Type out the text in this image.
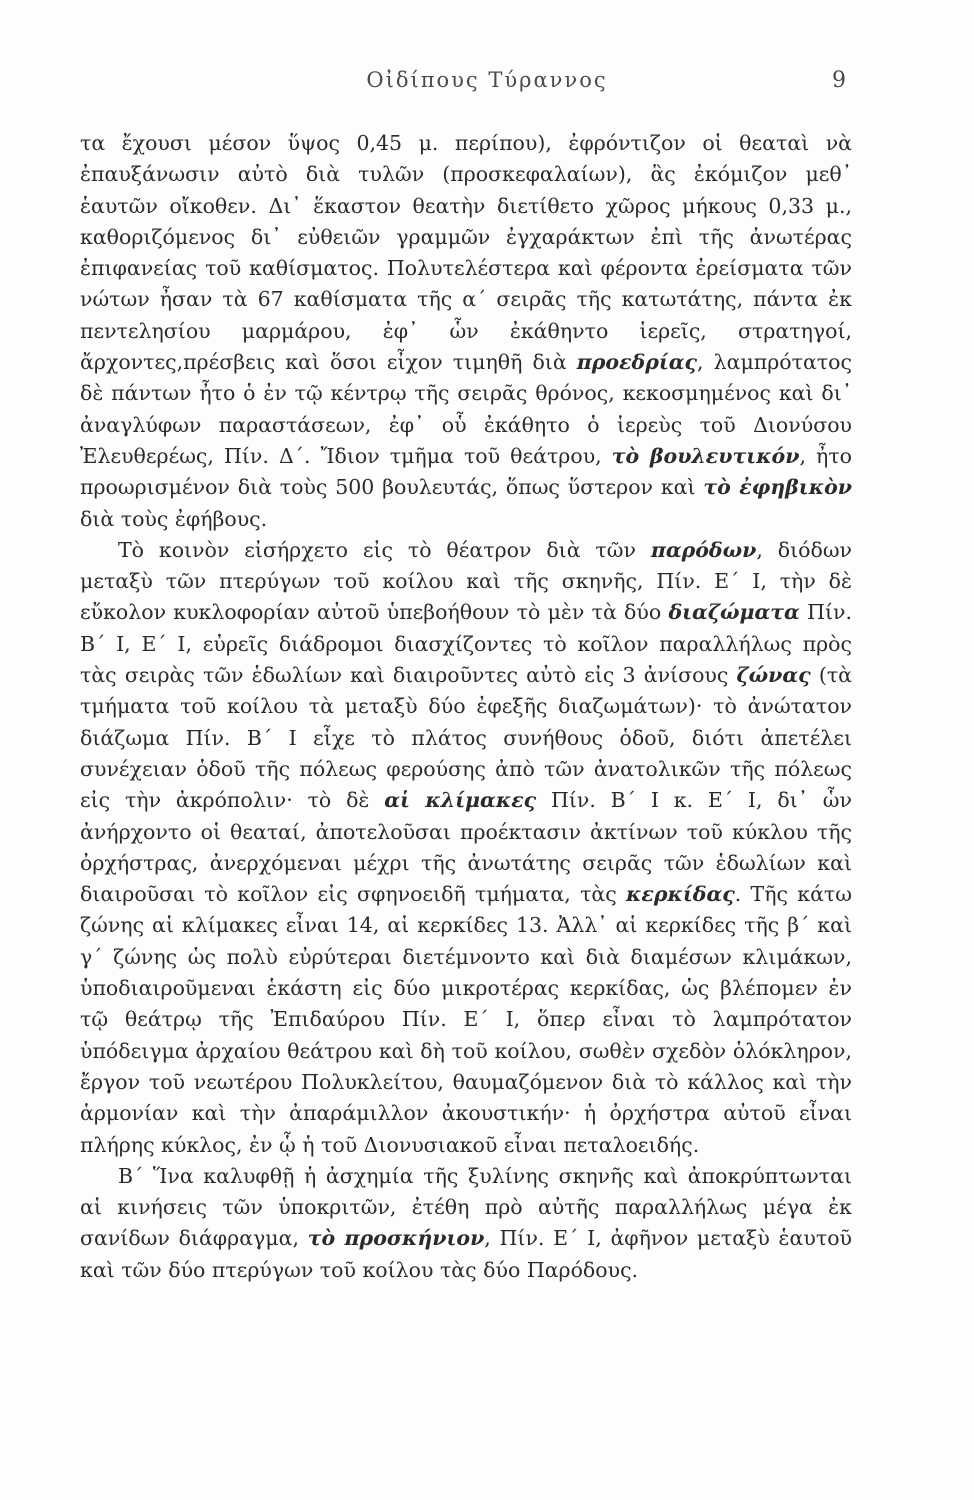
Οἰδίπους Τύραννος	9

τα ἔχουσι μέσον ὕψος 0,45 μ. περίπου), ἐφρόντιζον οἱ θεαταὶ νὰ ἐπαυξάνωσιν αὐτὸ διὰ τυλῶν (προσκεφαλαίων), ἃς ἐκόμιζον μεθ᾽ ἑαυτῶν οἴκοθεν. Δι᾽ ἕκαστον θεατὴν διετίθετο χῶρος μήκους 0,33 μ., καθοριζόμενος δι᾽ εὐθειῶν γραμμῶν ἐγχαράκτων ἐπὶ τῆς ἀνωτέρας ἐπιφανείας τοῦ καθίσματος. Πολυτελέστερα καὶ φέροντα ἐρείσματα τῶν νώτων ἦσαν τὰ 67 καθίσματα τῆς α΄ σειρᾶς τῆς κατωτάτης, πάντα ἐκ πεντελησίου μαρμάρου, ἐφ᾽ ὧν ἐκάθηντο ἱερεῖς, στρατηγοί, ἄρχοντες,πρέσβεις καὶ ὅσοι εἶχον τιμηθῆ διὰ προεδρίας, λαμπρότατος δὲ πάντων ἦτο ὁ ἐν τῷ κέντρῳ τῆς σειρᾶς θρόνος, κεκοσμημένος καὶ δι᾽ ἀναγλύφων παραστάσεων, ἐφ᾽ οὗ ἐκάθητο ὁ ἱερεὺς τοῦ Διονύσου Ἐλευθερέως, Πίν. Δ΄. Ἴδιον τμῆμα τοῦ θεάτρου, τὸ βουλευτικόν, ἦτο προωρισμένον διὰ τοὺς 500 βουλευτάς, ὅπως ὕστερον καὶ τὸ ἐφηβικὸν διὰ τοὺς ἐφήβους.

Τὸ κοινὸν εἰσήρχετο εἰς τὸ θέατρον διὰ τῶν παρόδων, διόδων μεταξὺ τῶν πτερύγων τοῦ κοίλου καὶ τῆς σκηνῆς, Πίν. Ε΄ Ι, τὴν δὲ εὔκολον κυκλοφορίαν αὐτοῦ ὑπεβοήθουν τὸ μὲν τὰ δύο διαζώματα Πίν. Β΄ Ι, Ε΄ Ι, εὐρεῖς διάδρομοι διασχίζοντες τὸ κοῖλον παραλλήλως πρὸς τὰς σειρὰς τῶν ἑδωλίων καὶ διαιροῦντες αὐτὸ εἰς 3 ἀνίσους ζώνας (τὰ τμήματα τοῦ κοίλου τὰ μεταξὺ δύο ἐφεξῆς διαζωμάτων)· τὸ ἀνώτατον διάζωμα Πίν. Β΄ Ι εἶχε τὸ πλάτος συνήθους ὁδοῦ, διότι ἀπετέλει συνέχειαν ὁδοῦ τῆς πόλεως φερούσης ἀπὸ τῶν ἀνατολικῶν τῆς πόλεως εἰς τὴν ἀκρόπολιν· τὸ δὲ αἱ κλίμακες Πίν. Β΄ Ι κ. Ε΄ Ι, δι᾽ ὧν ἀνήρχοντο οἱ θεαταί, ἀποτελοῦσαι προέκτασιν ἀκτίνων τοῦ κύκλου τῆς ὀρχήστρας, ἀνερχόμεναι μέχρι τῆς ἀνωτάτης σειρᾶς τῶν ἑδωλίων καὶ διαιροῦσαι τὸ κοῖλον εἰς σφηνοειδῆ τμήματα, τὰς κερκίδας. Τῆς κάτω ζώνης αἱ κλίμακες εἶναι 14, αἱ κερκίδες 13. Ἀλλ᾽ αἱ κερκίδες τῆς β΄ καὶ γ΄ ζώνης ὡς πολὺ εὐρύτεραι διετέμνοντο καὶ διὰ διαμέσων κλιμάκων, ὑποδιαιροῦμεναι ἑκάστη εἰς δύο μικροτέρας κερκίδας, ὡς βλέπομεν ἐν τῷ θεάτρῳ τῆς Ἐπιδαύρου Πίν. Ε΄ Ι, ὅπερ εἶναι τὸ λαμπρότατον ὑπόδειγμα ἀρχαίου θεάτρου καὶ δὴ τοῦ κοίλου, σωθὲν σχεδὸν ὁλόκληρον, ἔργον τοῦ νεωτέρου Πολυκλείτου, θαυμαζόμενον διὰ τὸ κάλλος καὶ τὴν ἁρμονίαν καὶ τὴν ἀπαράμιλλον ἀκουστικήν· ἡ ὀρχήστρα αὐτοῦ εἶναι πλήρης κύκλος, ἐν ᾧ ἡ τοῦ Διονυσιακοῦ εἶναι πεταλοειδής.

Β΄ Ἵνα καλυφθῇ ἡ ἀσχημία τῆς ξυλίνης σκηνῆς καὶ ἀποκρύπτωνται αἱ κινήσεις τῶν ὑποκριτῶν, ἐτέθη πρὸ αὐτῆς παραλλήλως μέγα ἐκ σανίδων διάφραγμα, τὸ προσκήνιον, Πίν. Ε΄ Ι, ἀφῆνον μεταξὺ ἑαυτοῦ καὶ τῶν δύο πτερύγων τοῦ κοίλου τὰς δύο Παρόδους.
